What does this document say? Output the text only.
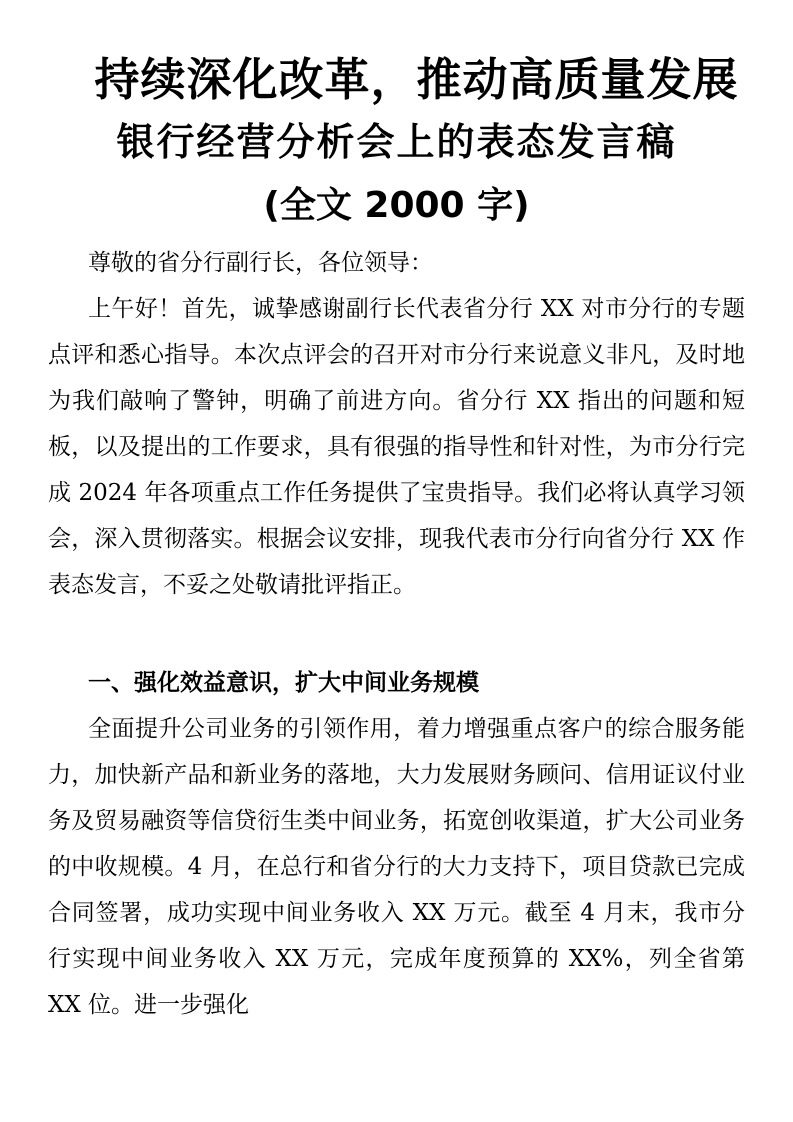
持续深化改革，推动高质量发展
银行经营分析会上的表态发言稿
(全文 2000 字)

尊敬的省分行副行长，各位领导：

上午好！首先，诚挚感谢副行长代表省分行 XX 对市分行的专题点评和悉心指导。本次点评会的召开对市分行来说意义非凡，及时地为我们敲响了警钟，明确了前进方向。省分行 XX 指出的问题和短板，以及提出的工作要求，具有很强的指导性和针对性，为市分行完成 2024 年各项重点工作任务提供了宝贵指导。我们必将认真学习领会，深入贯彻落实。根据会议安排，现我代表市分行向省分行 XX 作表态发言，不妥之处敬请批评指正。

一、强化效益意识，扩大中间业务规模

全面提升公司业务的引领作用，着力增强重点客户的综合服务能力，加快新产品和新业务的落地，大力发展财务顾问、信用证议付业务及贸易融资等信贷衍生类中间业务，拓宽创收渠道，扩大公司业务的中收规模。4 月，在总行和省分行的大力支持下，项目贷款已完成合同签署，成功实现中间业务收入 XX 万元。截至 4 月末，我市分行实现中间业务收入 XX 万元，完成年度预算的 XX%，列全省第 XX 位。进一步强化
